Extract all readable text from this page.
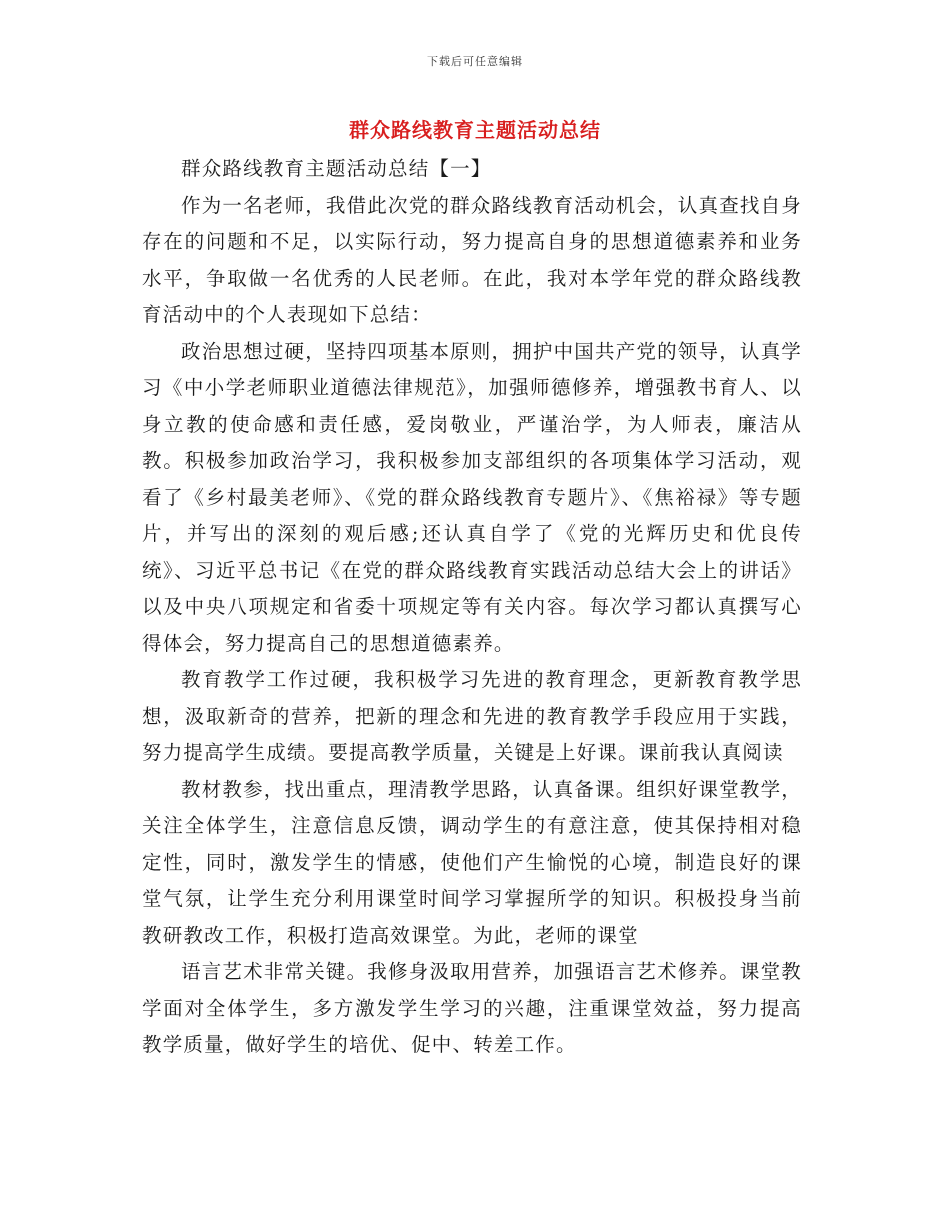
下载后可任意编辑
群众路线教育主题活动总结

群众路线教育主题活动总结【一】

作为一名老师，我借此次党的群众路线教育活动机会，认真查找自身存在的问题和不足，以实际行动，努力提高自身的思想道德素养和业务水平，争取做一名优秀的人民老师。在此，我对本学年党的群众路线教育活动中的个人表现如下总结：

政治思想过硬，坚持四项基本原则，拥护中国共产党的领导，认真学习《中小学老师职业道德法律规范》，加强师德修养，增强教书育人、以身立教的使命感和责任感，爱岗敬业，严谨治学，为人师表，廉洁从教。积极参加政治学习，我积极参加支部组织的各项集体学习活动，观看了《乡村最美老师》、《党的群众路线教育专题片》、《焦裕禄》等专题片，并写出的深刻的观后感;还认真自学了《党的光辉历史和优良传统》、习近平总书记《在党的群众路线教育实践活动总结大会上的讲话》以及中央八项规定和省委十项规定等有关内容。每次学习都认真撰写心得体会，努力提高自己的思想道德素养。

教育教学工作过硬，我积极学习先进的教育理念，更新教育教学思想，汲取新奇的营养，把新的理念和先进的教育教学手段应用于实践，努力提高学生成绩。要提高教学质量，关键是上好课。课前我认真阅读

教材教参，找出重点，理清教学思路，认真备课。组织好课堂教学，关注全体学生，注意信息反馈，调动学生的有意注意，使其保持相对稳定性，同时，激发学生的情感，使他们产生愉悦的心境，制造良好的课堂气氛，让学生充分利用课堂时间学习掌握所学的知识。积极投身当前教研教改工作，积极打造高效课堂。为此，老师的课堂

语言艺术非常关键。我修身汲取用营养，加强语言艺术修养。课堂教学面对全体学生，多方激发学生学习的兴趣，注重课堂效益，努力提高教学质量，做好学生的培优、促中、转差工作。
